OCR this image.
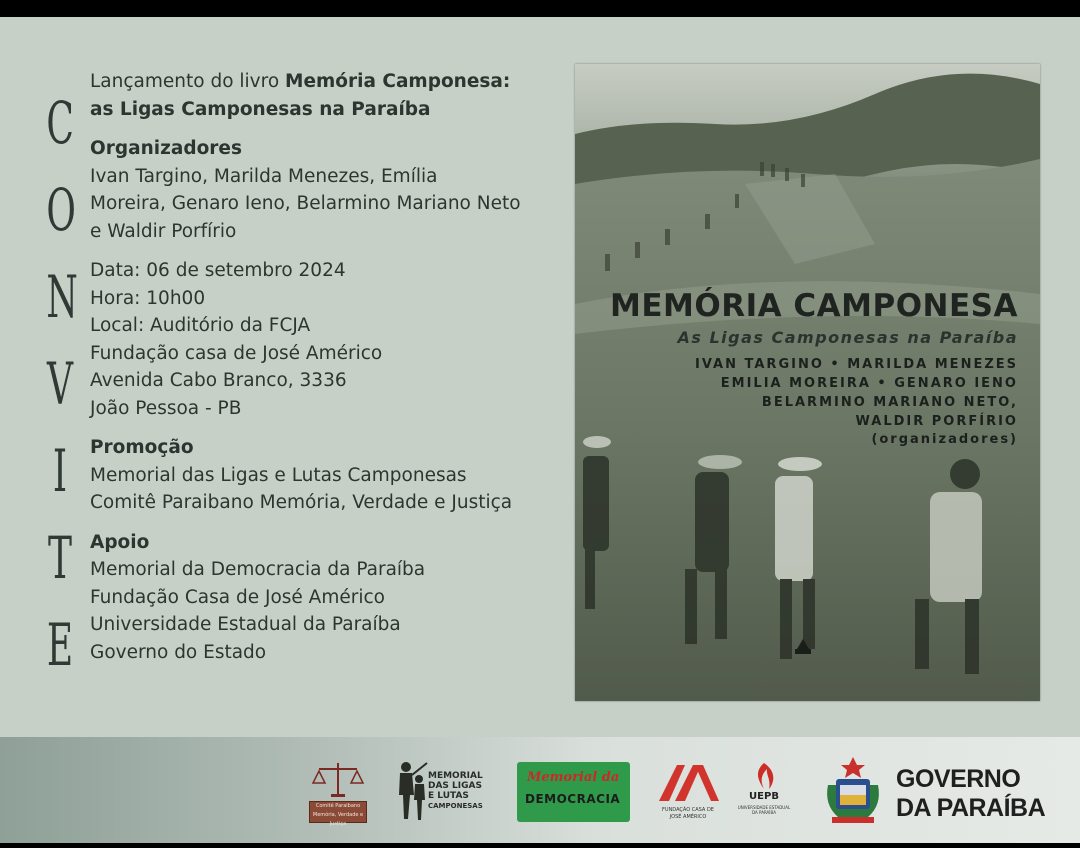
C
O
N
V
I
T
E
Lançamento do livro Memória Camponesa:
as Ligas Camponesas na Paraíba
Organizadores
Ivan Targino, Marilda Menezes, Emília
Moreira, Genaro Ieno, Belarmino Mariano Neto
e Waldir Porfírio
Data: 06 de setembro 2024
Hora: 10h00
Local: Auditório da FCJA
Fundação casa de José Américo
Avenida Cabo Branco, 3336
João Pessoa - PB
Promoção
Memorial das Ligas e Lutas Camponesas
Comitê Paraibano Memória, Verdade e Justiça
Apoio
Memorial da Democracia da Paraíba
Fundação Casa de José Américo
Universidade Estadual da Paraíba
Governo do Estado
MEMÓRIA CAMPONESA
As Ligas Camponesas na Paraíba
IVAN TARGINO • MARILDA MENEZES
EMILIA MOREIRA • GENARO IENO
BELARMINO MARIANO NETO,
WALDIR PORFÍRIO
(organizadores)
Comitê Paraibano
Memória, Verdade e Justiça
MEMORIAL
DAS LIGAS
E LUTAS
CAMPONESAS
Memorial da
DEMOCRACIA
FUNDAÇÃO CASA DE
JOSÉ AMÉRICO
UEPB
UNIVERSIDADE ESTADUAL
DA PARAÍBA
GOVERNO
DA PARAÍBA
